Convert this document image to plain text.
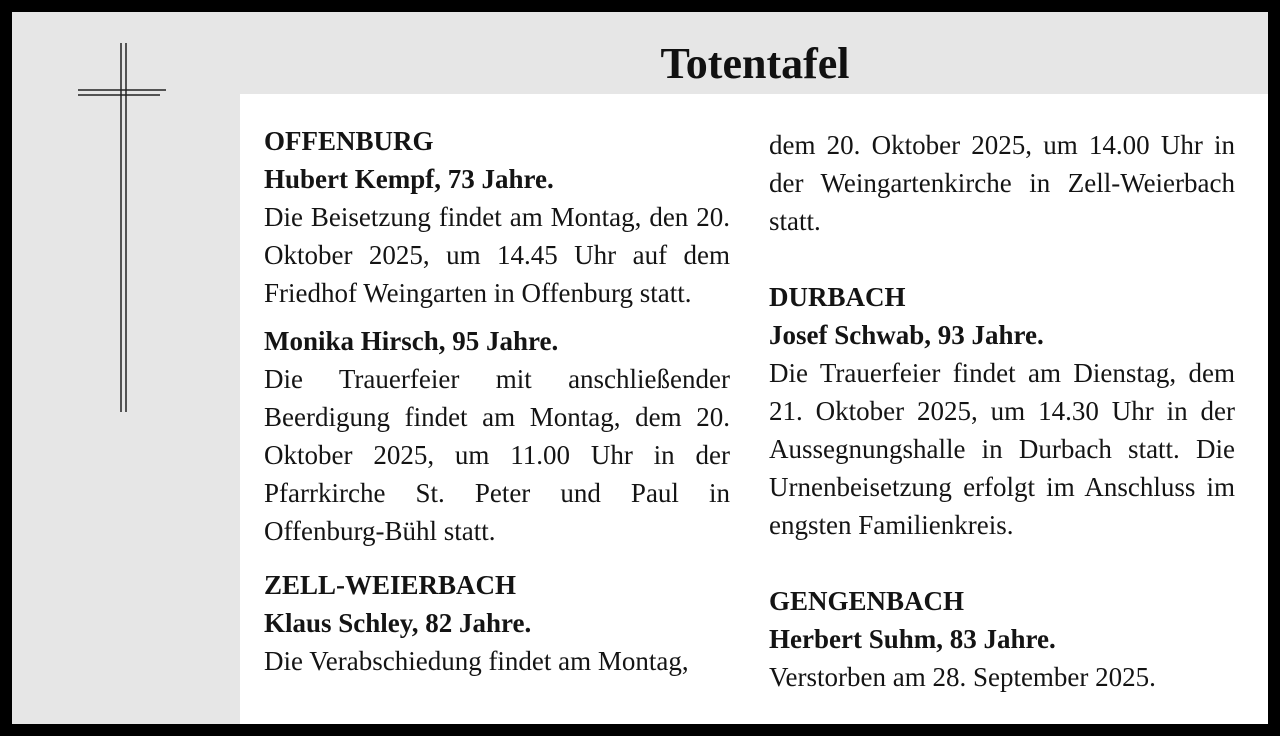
Totentafel

OFFENBURG

Hubert Kempf, 73 Jahre.

Die Beisetzung findet am Montag, den 20. Oktober 2025, um 14.45 Uhr auf dem Friedhof Weingarten in Offenburg statt.

Monika Hirsch, 95 Jahre.

Die Trauerfeier mit anschließender Beerdigung findet am Montag, dem 20. Oktober 2025, um 11.00 Uhr in der Pfarrkirche St. Peter und Paul in Offenburg-Bühl statt.

ZELL-WEIERBACH

Klaus Schley, 82 Jahre.

Die Verabschiedung findet am Montag,

dem 20. Oktober 2025, um 14.00 Uhr in der Weingartenkirche in Zell-Weierbach statt.

DURBACH

Josef Schwab, 93 Jahre.

Die Trauerfeier findet am Dienstag, dem 21. Oktober 2025, um 14.30 Uhr in der Aussegnungshalle in Durbach statt. Die Urnenbeisetzung erfolgt im Anschluss im engsten Familienkreis.

GENGENBACH

Herbert Suhm, 83 Jahre.

Verstorben am 28. September 2025.
